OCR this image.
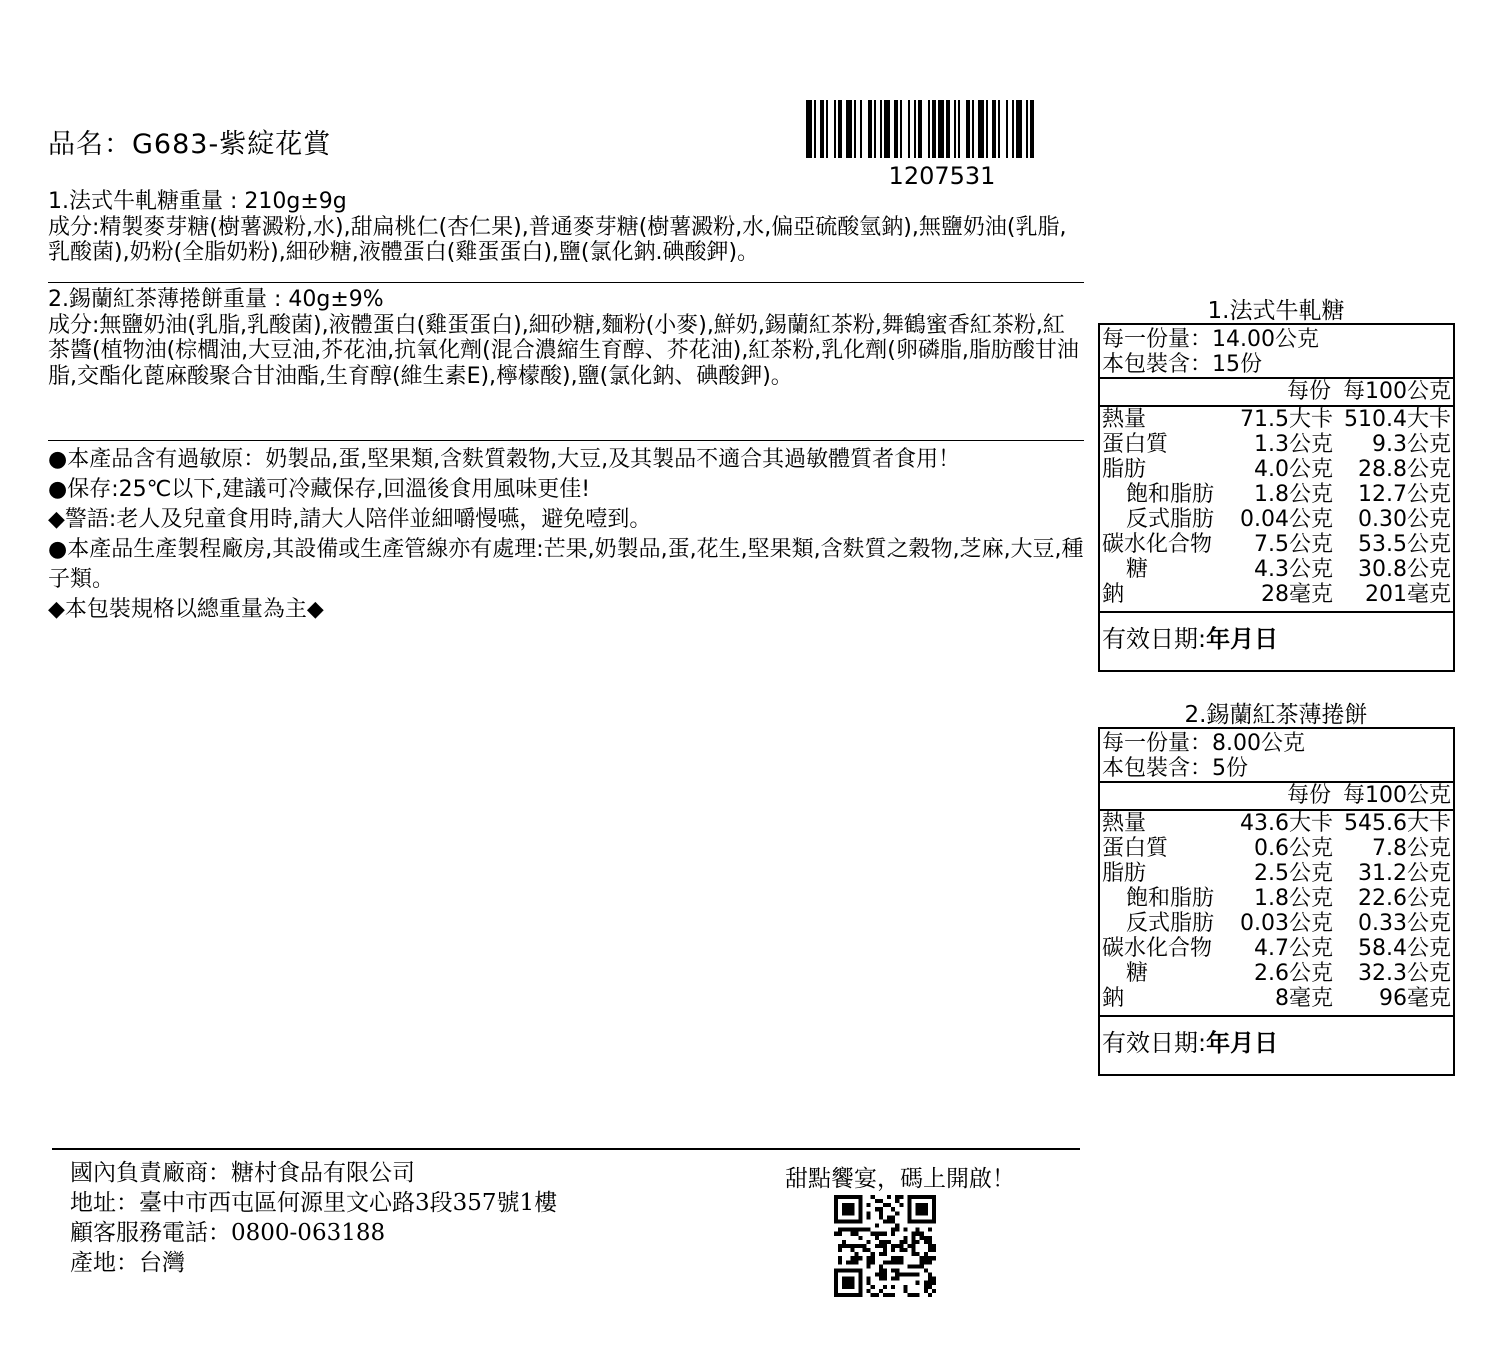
品名：G683-紫綻花賞
1207531
1.法式牛軋糖重量 : 210g±9g
成分:精製麥芽糖(樹薯澱粉,水),甜扁桃仁(杏仁果),普通麥芽糖(樹薯澱粉,水,偏亞硫酸氫鈉),無鹽奶油(乳脂,乳酸菌),奶粉(全脂奶粉),細砂糖,液體蛋白(雞蛋蛋白),鹽(氯化鈉.碘酸鉀)。
2.錫蘭紅茶薄捲餅重量 : 40g±9%
成分:無鹽奶油(乳脂,乳酸菌),液體蛋白(雞蛋蛋白),細砂糖,麵粉(小麥),鮮奶,錫蘭紅茶粉,舞鶴蜜香紅茶粉,紅茶醬(植物油(棕櫚油,大豆油,芥花油,抗氧化劑(混合濃縮生育醇、芥花油),紅茶粉,乳化劑(卵磷脂,脂肪酸甘油脂,交酯化蓖麻酸聚合甘油酯,生育醇(維生素E),檸檬酸),鹽(氯化鈉、碘酸鉀)。

●本產品含有過敏原：奶製品,蛋,堅果類,含麩質穀物,大豆,及其製品不適合其過敏體質者食用！

●保存:25℃以下,建議可冷藏保存,回溫後食用風味更佳!

◆警語:老人及兒童食用時,請大人陪伴並細嚼慢嚥，避免噎到。

●本產品生產製程廠房,其設備或生產管線亦有處理:芒果,奶製品,蛋,花生,堅果類,含麩質之穀物,芝麻,大豆,種子類。

◆本包裝規格以總重量為主◆

1.法式牛軋糖
每一份量：14.00公克
本包裝含：15份
每份 每100公克
熱量	71.5大卡 510.4大卡
蛋白質	1.3公克	9.3公克
脂肪	4.0公克	28.8公克
飽和脂肪	1.8公克	12.7公克
反式脂肪	0.04公克	0.30公克
碳水化合物	7.5公克	53.5公克
糖	4.3公克	30.8公克
鈉	28毫克	201毫克
有效日期:年月日
2.錫蘭紅茶薄捲餅
每一份量：8.00公克
本包裝含：5份
每份 每100公克
熱量	43.6大卡 545.6大卡
蛋白質	0.6公克	7.8公克
脂肪	2.5公克	31.2公克
飽和脂肪	1.8公克	22.6公克
反式脂肪	0.03公克	0.33公克
碳水化合物	4.7公克	58.4公克
糖	2.6公克	32.3公克
鈉	8毫克	96毫克
有效日期:年月日
國內負責廠商：糖村食品有限公司
地址：臺中市西屯區何源里文心路3段357號1樓
顧客服務電話：0800-063188
產地：台灣
甜點饗宴，碼上開啟！
